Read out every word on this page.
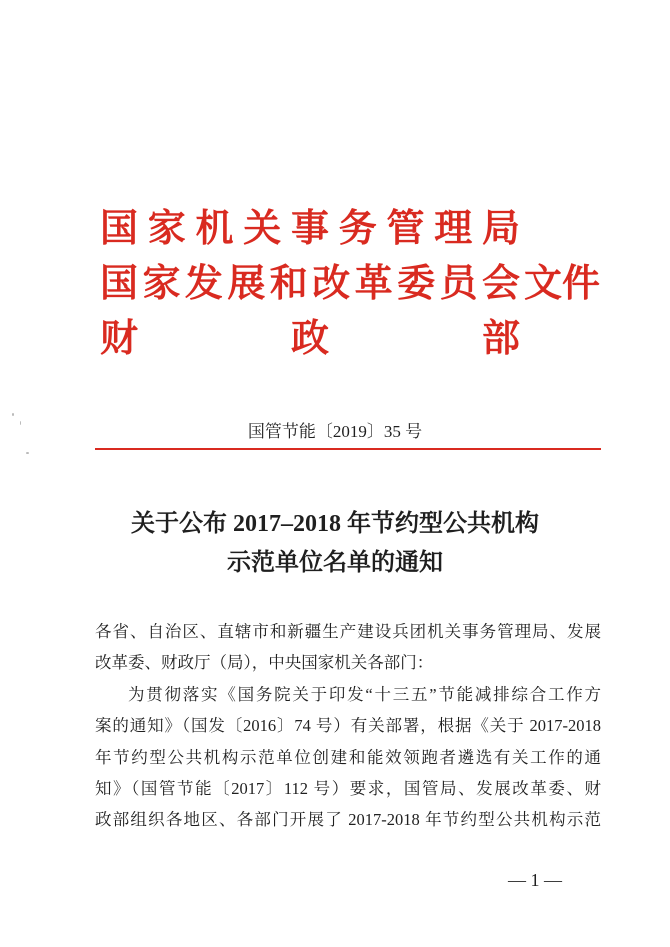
国家机关事务管理局
国家发展和改革委员会
财政部
文件
国管节能〔2019〕35 号
关于公布 2017–2018 年节约型公共机构
示范单位名单的通知
各省、自治区、直辖市和新疆生产建设兵团机关事务管理局、发展
改革委、财政厅（局），中央国家机关各部门：
为贯彻落实《国务院关于印发“十三五”节能减排综合工作方
案的通知》（国发〔2016〕74 号）有关部署，根据《关于 2017-2018
年节约型公共机构示范单位创建和能效领跑者遴选有关工作的通
知》（国管节能〔2017〕112 号）要求，国管局、发展改革委、财
政部组织各地区、各部门开展了 2017-2018 年节约型公共机构示范
— 1 —
